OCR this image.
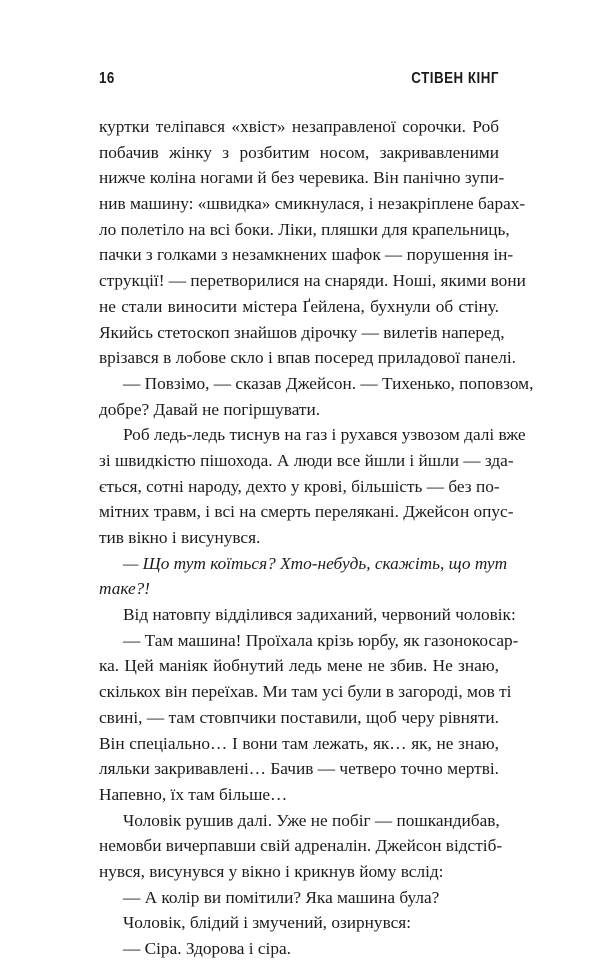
16	СТІВЕН КІНГ
куртки теліпався «хвіст» незаправленої сорочки. Роб
побачив жінку з розбитим носом, закривавленими
нижче коліна ногами й без черевика. Він панічно зупи-
нив машину: «швидка» смикнулася, і незакріплене барах-
ло полетіло на всі боки. Ліки, пляшки для крапельниць,
пачки з голками з незамкнених шафок — порушення ін-
струкції! — перетворилися на снаряди. Ноші, якими вони
не стали виносити містера Ґейлена, бухнули об стіну.
Якийсь стетоскоп знайшов дірочку — вилетів наперед,
врізався в лобове скло і впав посеред приладової панелі.
— Повзімо, — сказав Джейсон. — Тихенько, поповзом,
добре? Давай не погіршувати.
Роб ледь-ледь тиснув на газ і рухався узвозом далі вже
зі швидкістю пішохода. А люди все йшли і йшли — зда-
ється, сотні народу, дехто у крові, більшість — без по-
мітних травм, і всі на смерть перелякані. Джейсон опус-
тив вікно і висунувся.
— Що тут коїться? Хто-небудь, скажіть, що тут
таке?!
Від натовпу відділився задиханий, червоний чоловік:
— Там машина! Проїхала крізь юрбу, як газонокосар-
ка. Цей маніяк йобнутий ледь мене не збив. Не знаю,
скількох він переїхав. Ми там усі були в загороді, мов ті
свині, — там стовпчики поставили, щоб черу рівняти.
Він спеціально… І вони там лежать, як… як, не знаю,
ляльки закривавлені… Бачив — четверо точно мертві.
Напевно, їх там більше…
Чоловік рушив далі. Уже не побіг — пошкандибав,
немовби вичерпавши свій адреналін. Джейсон відстіб-
нувся, висунувся у вікно і крикнув йому вслід:
— А колір ви помітили? Яка машина була?
Чоловік, блідий і змучений, озирнувся:
— Сіра. Здорова і сіра.
